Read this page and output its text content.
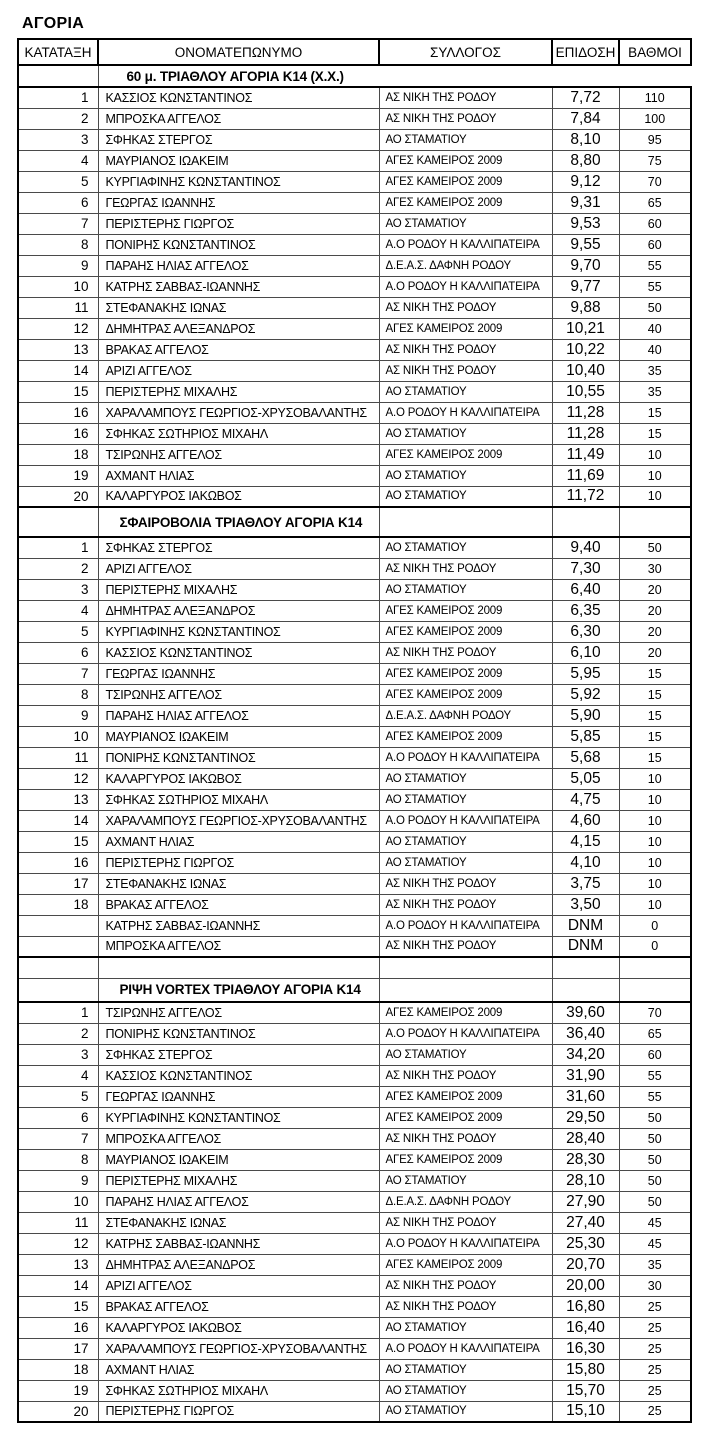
ΑΓΟΡΙΑ
ΚΑΤΑΤΑΞΗ	ΟΝΟΜΑΤΕΠΩΝΥΜΟ	ΣΥΛΛΟΓΟΣ	ΕΠΙΔΟΣΗ	ΒΑΘΜΟΙ
	60 μ. ΤΡΙΑΘΛΟΥ ΑΓΟΡΙΑ Κ14 (Χ.Χ.)			
1	ΚΑΣΣΙΟΣ ΚΩΝΣΤΑΝΤΙΝΟΣ	ΑΣ ΝΙΚΗ ΤΗΣ ΡΟΔΟΥ	7,72	110
2	ΜΠΡΟΣΚΑ ΑΓΓΕΛΟΣ	ΑΣ ΝΙΚΗ ΤΗΣ ΡΟΔΟΥ	7,84	100
3	ΣΦΗΚΑΣ ΣΤΕΡΓΟΣ	ΑΟ ΣΤΑΜΑΤΙΟΥ	8,10	95
4	ΜΑΥΡΙΑΝΟΣ ΙΩΑΚΕΙΜ	ΑΓΕΣ ΚΑΜΕΙΡΟΣ 2009	8,80	75
5	ΚΥΡΓΙΑΦΙΝΗΣ ΚΩΝΣΤΑΝΤΙΝΟΣ	ΑΓΕΣ ΚΑΜΕΙΡΟΣ 2009	9,12	70
6	ΓΕΩΡΓΑΣ ΙΩΑΝΝΗΣ	ΑΓΕΣ ΚΑΜΕΙΡΟΣ 2009	9,31	65
7	ΠΕΡΙΣΤΕΡΗΣ ΓΙΩΡΓΟΣ	ΑΟ ΣΤΑΜΑΤΙΟΥ	9,53	60
8	ΠΟΝΙΡΗΣ ΚΩΝΣΤΑΝΤΙΝΟΣ	Α.Ο ΡΟΔΟΥ Η ΚΑΛΛΙΠΑΤΕΙΡΑ	9,55	60
9	ΠΑΡΑΗΣ ΗΛΙΑΣ ΑΓΓΕΛΟΣ	Δ.Ε.Α.Σ. ΔΑΦΝΗ ΡΟΔΟΥ	9,70	55
10	ΚΑΤΡΗΣ ΣΑΒΒΑΣ-ΙΩΑΝΝΗΣ	Α.Ο ΡΟΔΟΥ Η ΚΑΛΛΙΠΑΤΕΙΡΑ	9,77	55
11	ΣΤΕΦΑΝΑΚΗΣ ΙΩΝΑΣ	ΑΣ ΝΙΚΗ ΤΗΣ ΡΟΔΟΥ	9,88	50
12	ΔΗΜΗΤΡΑΣ ΑΛΕΞΑΝΔΡΟΣ	ΑΓΕΣ ΚΑΜΕΙΡΟΣ 2009	10,21	40
13	ΒΡΑΚΑΣ ΑΓΓΕΛΟΣ	ΑΣ ΝΙΚΗ ΤΗΣ ΡΟΔΟΥ	10,22	40
14	ΑΡΙΖΙ ΑΓΓΕΛΟΣ	ΑΣ ΝΙΚΗ ΤΗΣ ΡΟΔΟΥ	10,40	35
15	ΠΕΡΙΣΤΕΡΗΣ ΜΙΧΑΛΗΣ	ΑΟ ΣΤΑΜΑΤΙΟΥ	10,55	35
16	ΧΑΡΑΛΑΜΠΟΥΣ ΓΕΩΡΓΙΟΣ-ΧΡΥΣΟΒΑΛΑΝΤΗΣ	Α.Ο ΡΟΔΟΥ Η ΚΑΛΛΙΠΑΤΕΙΡΑ	11,28	15
16	ΣΦΗΚΑΣ ΣΩΤΗΡΙΟΣ ΜΙΧΑΗΛ	ΑΟ ΣΤΑΜΑΤΙΟΥ	11,28	15
18	ΤΣΙΡΩΝΗΣ ΑΓΓΕΛΟΣ	ΑΓΕΣ ΚΑΜΕΙΡΟΣ 2009	11,49	10
19	ΑΧΜΑΝΤ ΗΛΙΑΣ	ΑΟ ΣΤΑΜΑΤΙΟΥ	11,69	10
20	ΚΑΛΑΡΓΥΡΟΣ ΙΑΚΩΒΟΣ	ΑΟ ΣΤΑΜΑΤΙΟΥ	11,72	10
	ΣΦΑΙΡΟΒΟΛΙΑ ΤΡΙΑΘΛΟΥ ΑΓΟΡΙΑ Κ14			
1	ΣΦΗΚΑΣ ΣΤΕΡΓΟΣ	ΑΟ ΣΤΑΜΑΤΙΟΥ	9,40	50
2	ΑΡΙΖΙ ΑΓΓΕΛΟΣ	ΑΣ ΝΙΚΗ ΤΗΣ ΡΟΔΟΥ	7,30	30
3	ΠΕΡΙΣΤΕΡΗΣ ΜΙΧΑΛΗΣ	ΑΟ ΣΤΑΜΑΤΙΟΥ	6,40	20
4	ΔΗΜΗΤΡΑΣ ΑΛΕΞΑΝΔΡΟΣ	ΑΓΕΣ ΚΑΜΕΙΡΟΣ 2009	6,35	20
5	ΚΥΡΓΙΑΦΙΝΗΣ ΚΩΝΣΤΑΝΤΙΝΟΣ	ΑΓΕΣ ΚΑΜΕΙΡΟΣ 2009	6,30	20
6	ΚΑΣΣΙΟΣ ΚΩΝΣΤΑΝΤΙΝΟΣ	ΑΣ ΝΙΚΗ ΤΗΣ ΡΟΔΟΥ	6,10	20
7	ΓΕΩΡΓΑΣ ΙΩΑΝΝΗΣ	ΑΓΕΣ ΚΑΜΕΙΡΟΣ 2009	5,95	15
8	ΤΣΙΡΩΝΗΣ ΑΓΓΕΛΟΣ	ΑΓΕΣ ΚΑΜΕΙΡΟΣ 2009	5,92	15
9	ΠΑΡΑΗΣ ΗΛΙΑΣ ΑΓΓΕΛΟΣ	Δ.Ε.Α.Σ. ΔΑΦΝΗ ΡΟΔΟΥ	5,90	15
10	ΜΑΥΡΙΑΝΟΣ ΙΩΑΚΕΙΜ	ΑΓΕΣ ΚΑΜΕΙΡΟΣ 2009	5,85	15
11	ΠΟΝΙΡΗΣ ΚΩΝΣΤΑΝΤΙΝΟΣ	Α.Ο ΡΟΔΟΥ Η ΚΑΛΛΙΠΑΤΕΙΡΑ	5,68	15
12	ΚΑΛΑΡΓΥΡΟΣ ΙΑΚΩΒΟΣ	ΑΟ ΣΤΑΜΑΤΙΟΥ	5,05	10
13	ΣΦΗΚΑΣ ΣΩΤΗΡΙΟΣ ΜΙΧΑΗΛ	ΑΟ ΣΤΑΜΑΤΙΟΥ	4,75	10
14	ΧΑΡΑΛΑΜΠΟΥΣ ΓΕΩΡΓΙΟΣ-ΧΡΥΣΟΒΑΛΑΝΤΗΣ	Α.Ο ΡΟΔΟΥ Η ΚΑΛΛΙΠΑΤΕΙΡΑ	4,60	10
15	ΑΧΜΑΝΤ ΗΛΙΑΣ	ΑΟ ΣΤΑΜΑΤΙΟΥ	4,15	10
16	ΠΕΡΙΣΤΕΡΗΣ ΓΙΩΡΓΟΣ	ΑΟ ΣΤΑΜΑΤΙΟΥ	4,10	10
17	ΣΤΕΦΑΝΑΚΗΣ ΙΩΝΑΣ	ΑΣ ΝΙΚΗ ΤΗΣ ΡΟΔΟΥ	3,75	10
18	ΒΡΑΚΑΣ ΑΓΓΕΛΟΣ	ΑΣ ΝΙΚΗ ΤΗΣ ΡΟΔΟΥ	3,50	10
	ΚΑΤΡΗΣ ΣΑΒΒΑΣ-ΙΩΑΝΝΗΣ	Α.Ο ΡΟΔΟΥ Η ΚΑΛΛΙΠΑΤΕΙΡΑ	DNM	0
	ΜΠΡΟΣΚΑ ΑΓΓΕΛΟΣ	ΑΣ ΝΙΚΗ ΤΗΣ ΡΟΔΟΥ	DNM	0

	ΡΙΨΗ VORTEX ΤΡΙΑΘΛΟΥ ΑΓΟΡΙΑ Κ14			
1	ΤΣΙΡΩΝΗΣ ΑΓΓΕΛΟΣ	ΑΓΕΣ ΚΑΜΕΙΡΟΣ 2009	39,60	70
2	ΠΟΝΙΡΗΣ ΚΩΝΣΤΑΝΤΙΝΟΣ	Α.Ο ΡΟΔΟΥ Η ΚΑΛΛΙΠΑΤΕΙΡΑ	36,40	65
3	ΣΦΗΚΑΣ ΣΤΕΡΓΟΣ	ΑΟ ΣΤΑΜΑΤΙΟΥ	34,20	60
4	ΚΑΣΣΙΟΣ ΚΩΝΣΤΑΝΤΙΝΟΣ	ΑΣ ΝΙΚΗ ΤΗΣ ΡΟΔΟΥ	31,90	55
5	ΓΕΩΡΓΑΣ ΙΩΑΝΝΗΣ	ΑΓΕΣ ΚΑΜΕΙΡΟΣ 2009	31,60	55
6	ΚΥΡΓΙΑΦΙΝΗΣ ΚΩΝΣΤΑΝΤΙΝΟΣ	ΑΓΕΣ ΚΑΜΕΙΡΟΣ 2009	29,50	50
7	ΜΠΡΟΣΚΑ ΑΓΓΕΛΟΣ	ΑΣ ΝΙΚΗ ΤΗΣ ΡΟΔΟΥ	28,40	50
8	ΜΑΥΡΙΑΝΟΣ ΙΩΑΚΕΙΜ	ΑΓΕΣ ΚΑΜΕΙΡΟΣ 2009	28,30	50
9	ΠΕΡΙΣΤΕΡΗΣ ΜΙΧΑΛΗΣ	ΑΟ ΣΤΑΜΑΤΙΟΥ	28,10	50
10	ΠΑΡΑΗΣ ΗΛΙΑΣ ΑΓΓΕΛΟΣ	Δ.Ε.Α.Σ. ΔΑΦΝΗ ΡΟΔΟΥ	27,90	50
11	ΣΤΕΦΑΝΑΚΗΣ ΙΩΝΑΣ	ΑΣ ΝΙΚΗ ΤΗΣ ΡΟΔΟΥ	27,40	45
12	ΚΑΤΡΗΣ ΣΑΒΒΑΣ-ΙΩΑΝΝΗΣ	Α.Ο ΡΟΔΟΥ Η ΚΑΛΛΙΠΑΤΕΙΡΑ	25,30	45
13	ΔΗΜΗΤΡΑΣ ΑΛΕΞΑΝΔΡΟΣ	ΑΓΕΣ ΚΑΜΕΙΡΟΣ 2009	20,70	35
14	ΑΡΙΖΙ ΑΓΓΕΛΟΣ	ΑΣ ΝΙΚΗ ΤΗΣ ΡΟΔΟΥ	20,00	30
15	ΒΡΑΚΑΣ ΑΓΓΕΛΟΣ	ΑΣ ΝΙΚΗ ΤΗΣ ΡΟΔΟΥ	16,80	25
16	ΚΑΛΑΡΓΥΡΟΣ ΙΑΚΩΒΟΣ	ΑΟ ΣΤΑΜΑΤΙΟΥ	16,40	25
17	ΧΑΡΑΛΑΜΠΟΥΣ ΓΕΩΡΓΙΟΣ-ΧΡΥΣΟΒΑΛΑΝΤΗΣ	Α.Ο ΡΟΔΟΥ Η ΚΑΛΛΙΠΑΤΕΙΡΑ	16,30	25
18	ΑΧΜΑΝΤ ΗΛΙΑΣ	ΑΟ ΣΤΑΜΑΤΙΟΥ	15,80	25
19	ΣΦΗΚΑΣ ΣΩΤΗΡΙΟΣ ΜΙΧΑΗΛ	ΑΟ ΣΤΑΜΑΤΙΟΥ	15,70	25
20	ΠΕΡΙΣΤΕΡΗΣ ΓΙΩΡΓΟΣ	ΑΟ ΣΤΑΜΑΤΙΟΥ	15,10	25
